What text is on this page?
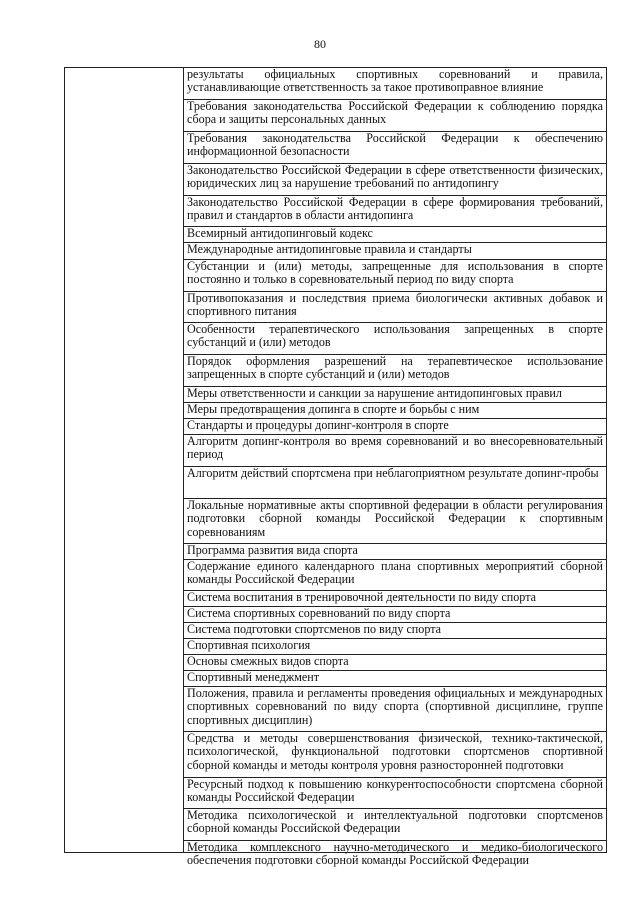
80
результаты официальных спортивных соревнований и правила, устанавливающие ответственность за такое противоправное влияние
Требования законодательства Российской Федерации к соблюдению порядка сбора и защиты персональных данных
Требования законодательства Российской Федерации к обеспечению информационной безопасности
Законодательство Российской Федерации в сфере ответственности физических, юридических лиц за нарушение требований по антидопингу
Законодательство Российской Федерации в сфере формирования требований, правил и стандартов в области антидопинга
Всемирный антидопинговый кодекс
Международные антидопинговые правила и стандарты
Субстанции и (или) методы, запрещенные для использования в спорте постоянно и только в соревновательный период по виду спорта
Противопоказания и последствия приема биологически активных добавок и спортивного питания
Особенности терапевтического использования запрещенных в спорте субстанций и (или) методов
Порядок оформления разрешений на терапевтическое использование запрещенных в спорте субстанций и (или) методов
Меры ответственности и санкции за нарушение антидопинговых правил
Меры предотвращения допинга в спорте и борьбы с ним
Стандарты и процедуры допинг-контроля в спорте
Алгоритм допинг-контроля во время соревнований и во внесоревновательный период
Алгоритм действий спортсмена при неблагоприятном результате допинг-пробы
Локальные нормативные акты спортивной федерации в области регулирования подготовки сборной команды Российской Федерации к спортивным соревнованиям
Программа развития вида спорта
Содержание единого календарного плана спортивных мероприятий сборной команды Российской Федерации
Система воспитания в тренировочной деятельности по виду спорта
Система спортивных соревнований по виду спорта
Система подготовки спортсменов по виду спорта
Спортивная психология
Основы смежных видов спорта
Спортивный менеджмент
Положения, правила и регламенты проведения официальных и международных спортивных соревнований по виду спорта (спортивной дисциплине, группе спортивных дисциплин)
Средства и методы совершенствования физической, технико-тактической, психологической, функциональной подготовки спортсменов спортивной сборной команды и методы контроля уровня разносторонней подготовки
Ресурсный подход к повышению конкурентоспособности спортсмена сборной команды Российской Федерации
Методика психологической и интеллектуальной подготовки спортсменов сборной команды Российской Федерации
Методика комплексного научно-методического и медико-биологического обеспечения подготовки сборной команды Российской Федерации
